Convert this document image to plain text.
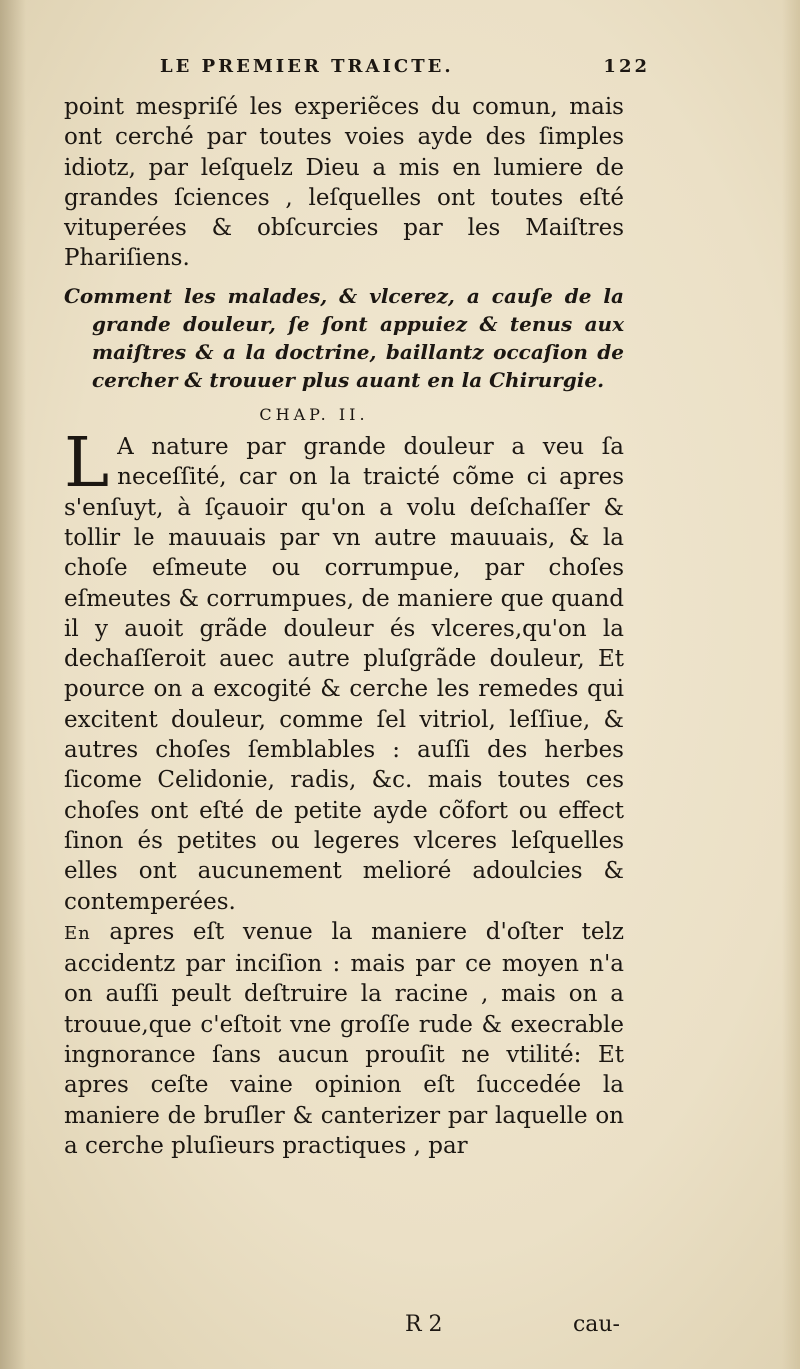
LE PREMIER TRAICTE.	122

point mespriſé les experiẽces du comun, mais ont cerché par toutes voies ayde des ſimples idiotz, par leſquelz Dieu a mis en lumiere de grandes ſciences , leſquelles ont toutes eſté vituperées & obſcurcies par les Maiſtres Phariſiens.

Comment les malades, & vlcerez, a cauſe de la grande douleur, ſe ſont appuiez & tenus aux maiſtres & a la doctrine, baillantz occaſion de cercher & trouuer plus auant en la Chirurgie.

CHAP. II.

L A nature par grande douleur a veu ſa neceſſité, car on la traicté cõme ci apres s'enſuyt, à ſçauoir qu'on a volu deſchaſſer & tollir le mauuais par vn autre mauuais, & la choſe eſmeute ou corrumpue, par choſes eſmeutes & corrumpues, de maniere que quand il y auoit grãde douleur és vlceres,qu'on la dechaſſeroit auec autre pluſgrãde douleur, Et pource on a excogité & cerche les remedes qui excitent douleur, comme ſel vitriol, leſſiue, & autres choſes ſemblables : auſſi des herbes ſicome Celidonie, radis, &c. mais toutes ces choſes ont eſté de petite ayde cõfort ou effect ſinon és petites ou legeres vlceres leſquelles elles ont aucunement melioré adoulcies & contemperées.

En apres eſt venue la maniere d'oſter telz accidentz par inciſion : mais par ce moyen n'a on auſſi peult deſtruire la racine , mais on a trouue,que c'eſtoit vne groſſe rude & execrable ingnorance ſans aucun prouſit ne vtilité: Et apres ceſte vaine opinion eſt ſuccedée la maniere de bruſler & canterizer par laquelle on a cerche pluſieurs practiques , par

R 2	cau-
